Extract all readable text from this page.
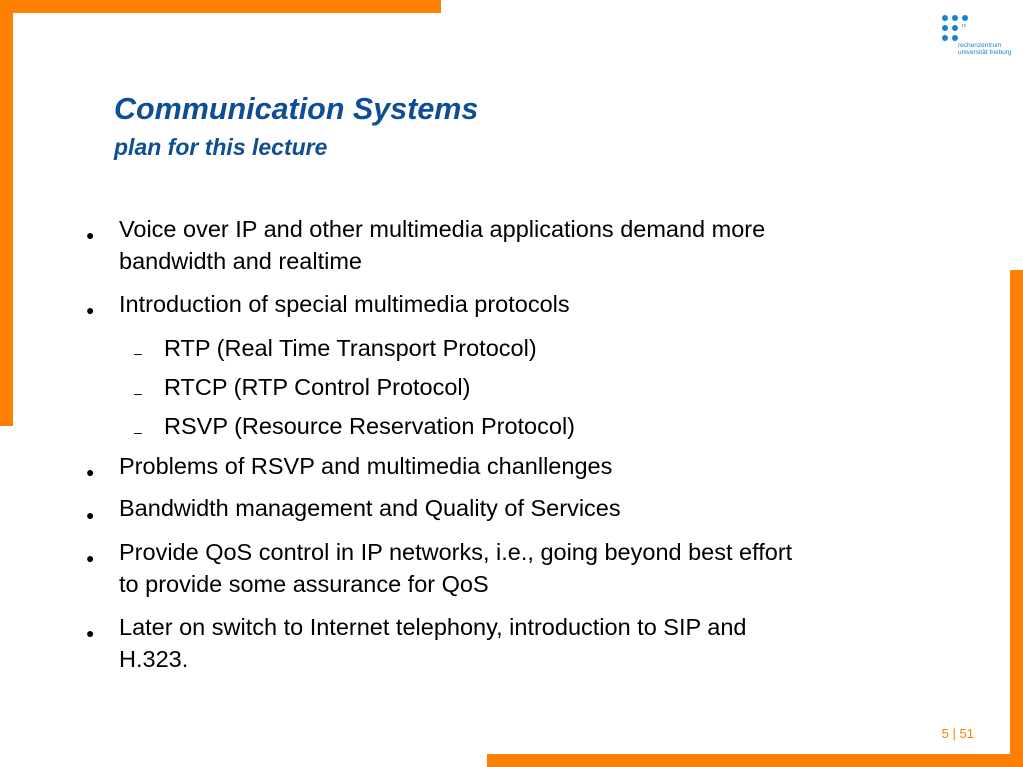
rz
rechenzentrum
universität freiburg
Communication Systems
plan for this lecture
● Voice over IP and other multimedia applications demand more
bandwidth and realtime
● Introduction of special multimedia protocols
– RTP (Real Time Transport Protocol)
– RTCP (RTP Control Protocol)
– RSVP (Resource Reservation Protocol)
● Problems of RSVP and multimedia chanllenges
● Bandwidth management and Quality of Services
● Provide QoS control in IP networks, i.e., going beyond best effort
to provide some assurance for QoS
● Later on switch to Internet telephony, introduction to SIP and
H.323.
5 | 51
